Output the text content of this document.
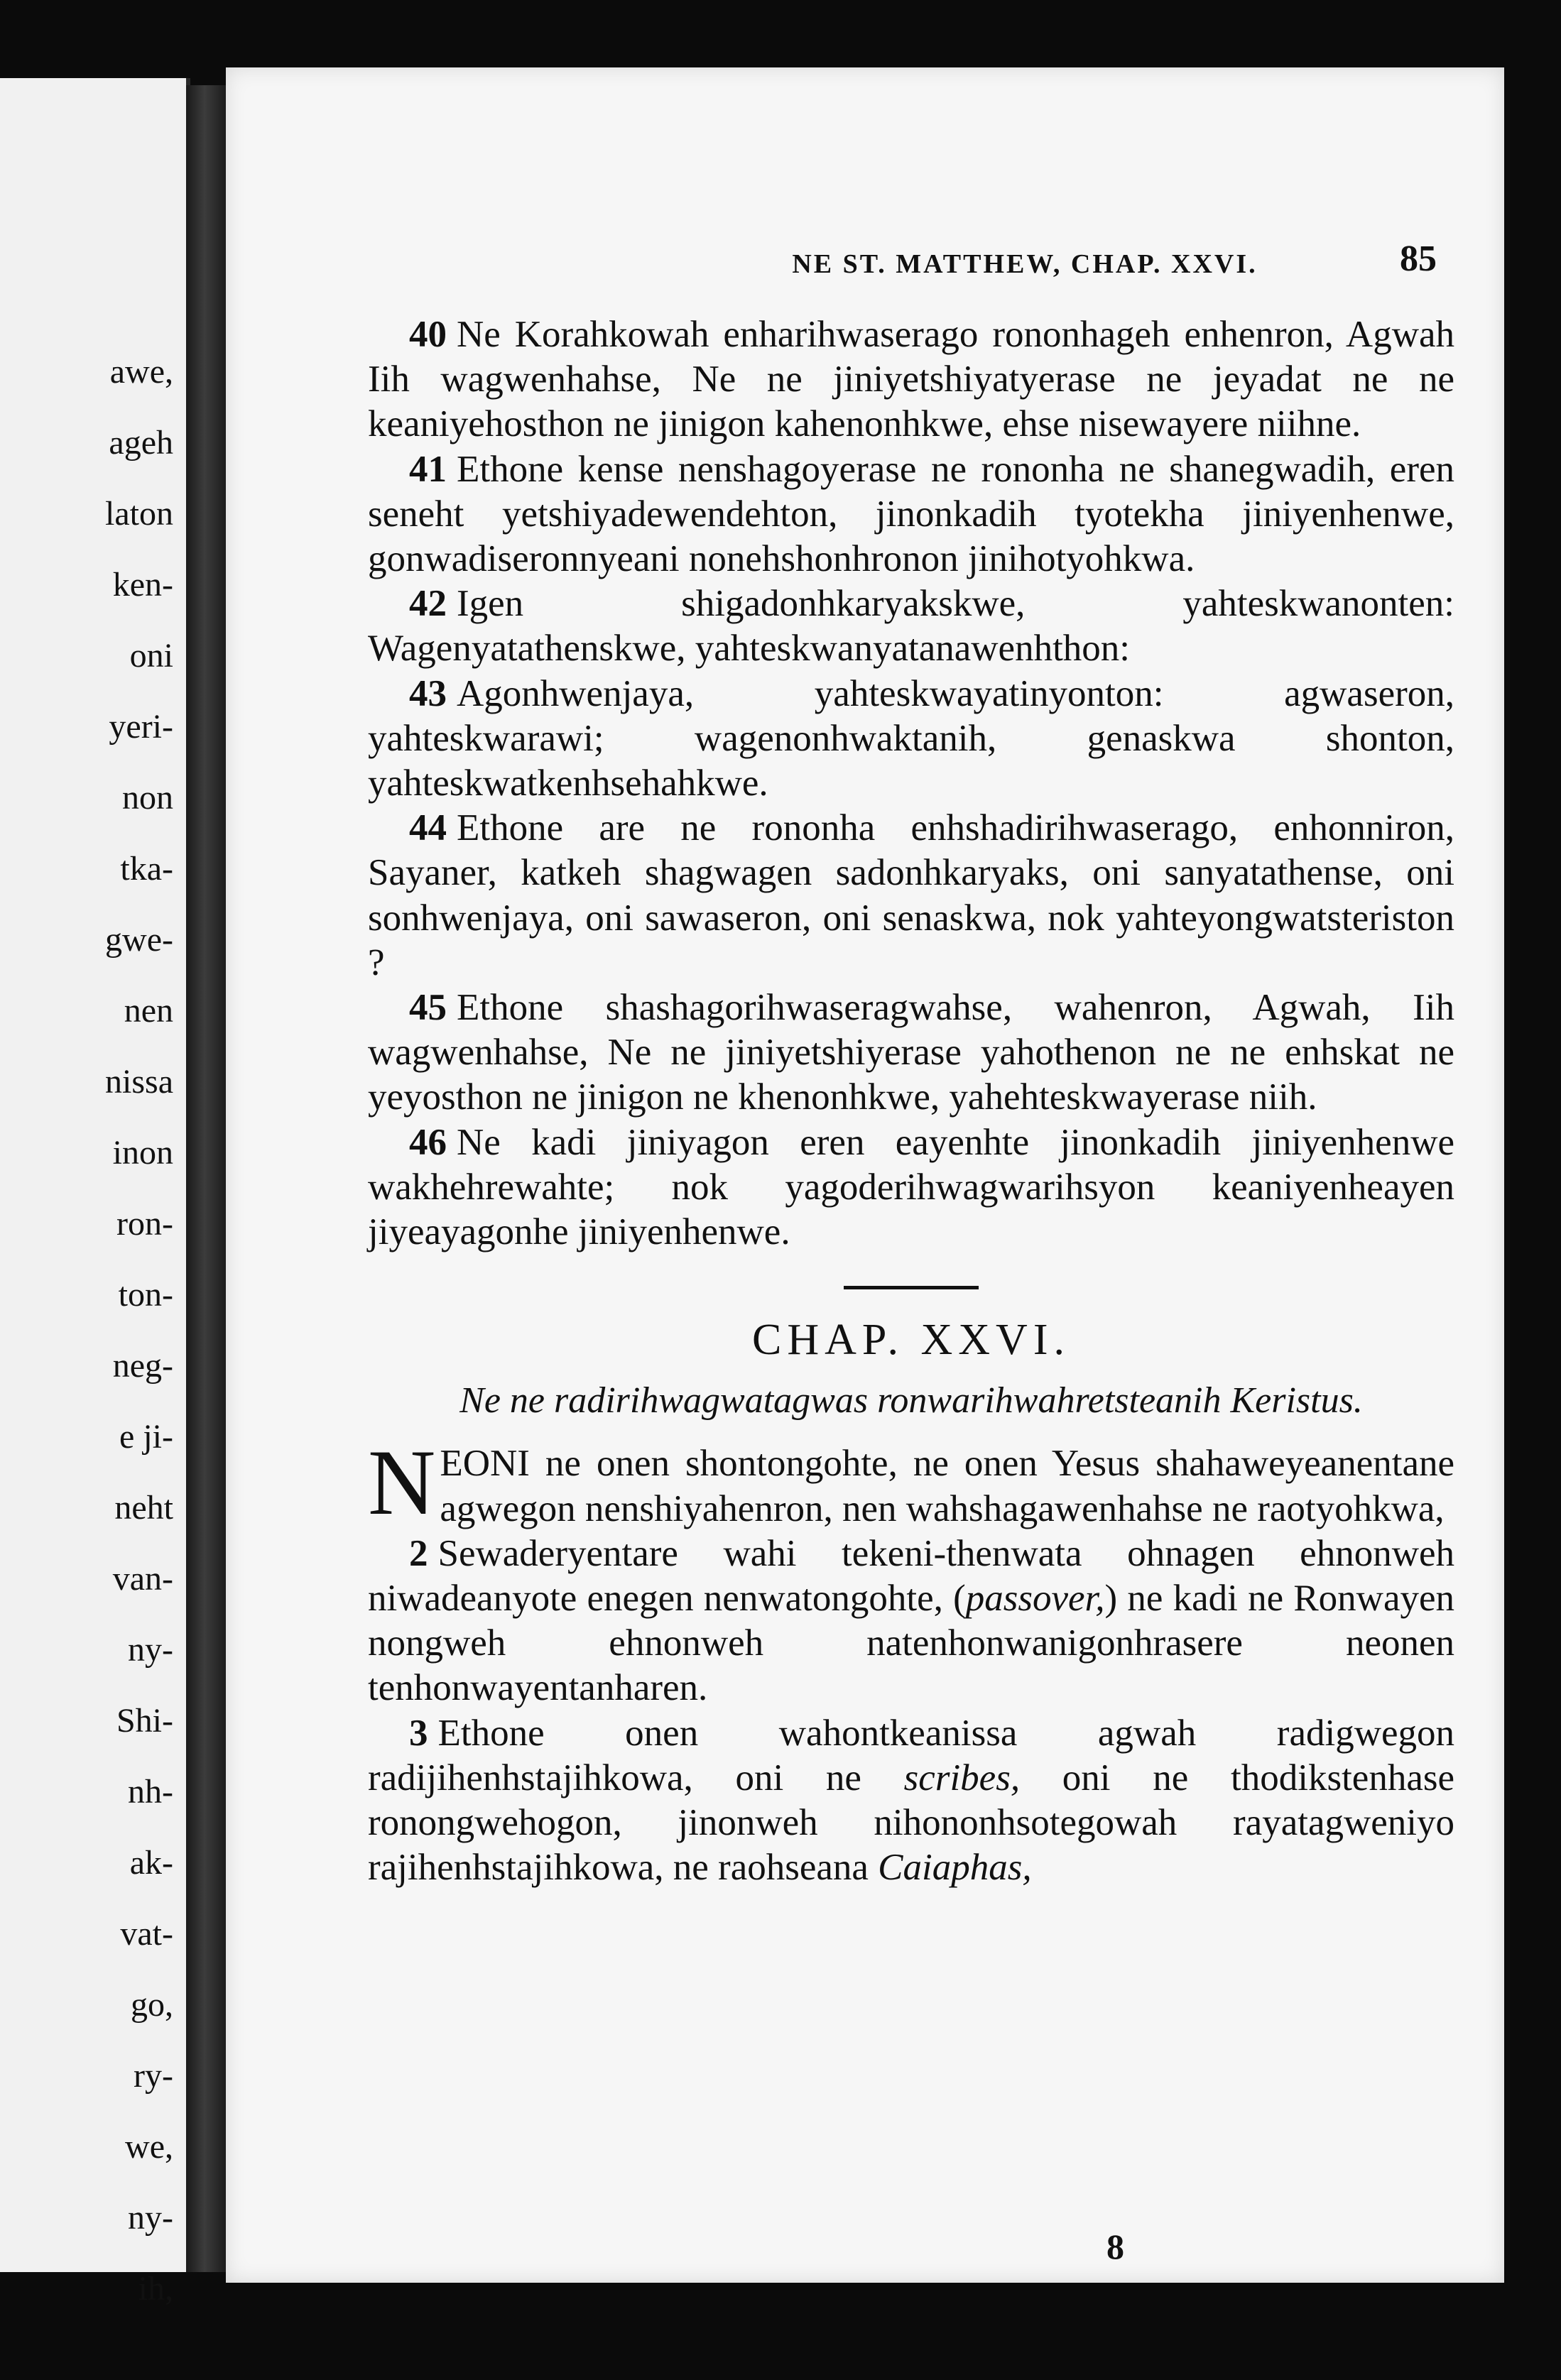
awe,
ageh
laton
ken-
oni
yeri-
non
tka-
gwe-
nen
nissa
inon
ron-
ton-
neg-
e ji-
neht
van-
ny-
Shi-
nh-
ak-
vat-
go,
ry-
we,
ny-
ih,
NE ST. MATTHEW, CHAP. XXVI.	85

40 Ne Korahkowah enharihwaserago rononhageh enhenron, Agwah Iih wagwenhahse, Ne ne jiniyetshiyatyerase ne jeyadat ne ne keaniyehosthon ne jinigon kahenonhkwe, ehse nisewayere niihne.

41 Ethone kense nenshagoyerase ne rononha ne shanegwadih, eren seneht yetshiyadewendehton, jinonkadih tyotekha jiniyenhenwe, gonwadiseronnyeani nonehshonhronon jinihotyohkwa.

42 Igen shigadonhkaryakskwe, yahteskwanonten: Wagenyatathenskwe, yahteskwanyatanawenhthon:

43 Agonhwenjaya, yahteskwayatinyonton: agwaseron, yahteskwarawi; wagenonhwaktanih, genaskwa shonton, yahteskwatkenhsehahkwe.

44 Ethone are ne rononha enhshadirihwaserago, enhonniron, Sayaner, katkeh shagwagen sadonhkaryaks, oni sanyatathense, oni sonhwenjaya, oni sawaseron, oni senaskwa, nok yahteyongwatsteriston ?

45 Ethone shashagorihwaseragwahse, wahenron, Agwah, Iih wagwenhahse, Ne ne jiniyetshiyerase yahothenon ne ne enhskat ne yeyosthon ne jinigon ne khenonhkwe, yahehteskwayerase niih.

46 Ne kadi jiniyagon eren eayenhte jinonkadih jiniyenhenwe wakhehrewahte; nok yagoderihwagwarihsyon keaniyenheayen jiyeayagonhe jiniyenhenwe.

CHAP. XXVI.
Ne ne radirihwagwatagwas ronwarihwahretsteanih Keristus.

NEONI ne onen shontongohte, ne onen Yesus shahaweyeanentane agwegon nenshiyahenron, nen wahshagawenhahse ne raotyohkwa,

2 Sewaderyentare wahi tekeni-thenwata ohnagen ehnonweh niwadeanyote enegen nenwatongohte, (passover,) ne kadi ne Ronwayen nongweh ehnonweh natenhonwanigonhrasere neonen tenhonwayentanharen.

3 Ethone onen wahontkeanissa agwah radigwegon radijihenhstajihkowa, oni ne scribes, oni ne thodikstenhase ronongwehogon, jinonweh nihononhsotegowah rayatagweniyo rajihenhstajihkowa, ne raohseana Caiaphas,

8
